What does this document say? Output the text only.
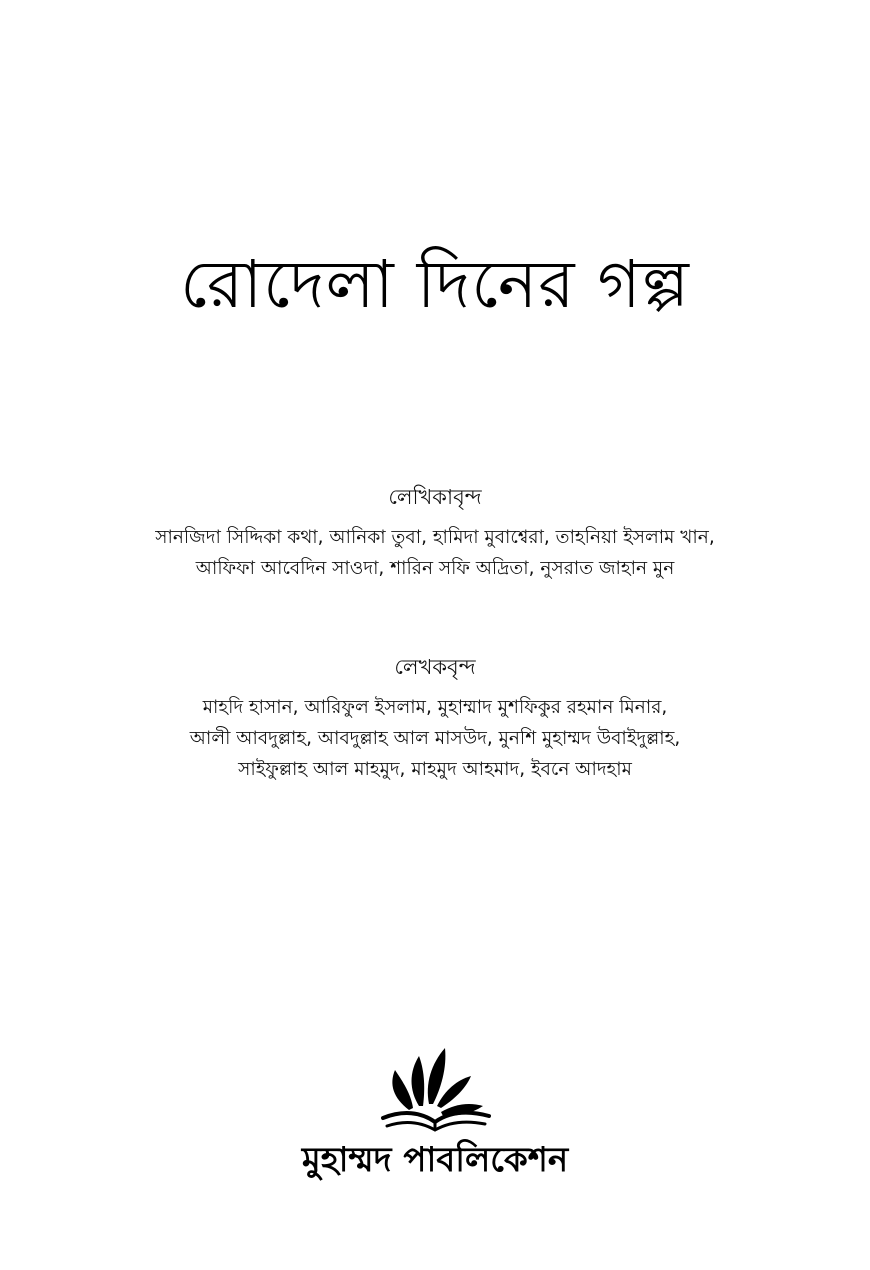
রোদেলা দিনের গল্প
লেখিকাবৃন্দ
সানজিদা সিদ্দিকা কথা, আনিকা তুবা, হামিদা মুবাশ্বেরা, তাহনিয়া ইসলাম খান,
আফিফা আবেদিন সাওদা, শারিন সফি অদ্রিতা, নুসরাত জাহান মুন
লেখকবৃন্দ
মাহদি হাসান, আরিফুল ইসলাম, মুহাম্মাদ মুশফিকুর রহমান মিনার,
আলী আবদুল্লাহ, আবদুল্লাহ আল মাসউদ, মুনশি মুহাম্মদ উবাইদুল্লাহ,
সাইফুল্লাহ আল মাহমুদ, মাহমুদ আহমাদ, ইবনে আদহাম
মুহাম্মদ পাবলিকেশন
